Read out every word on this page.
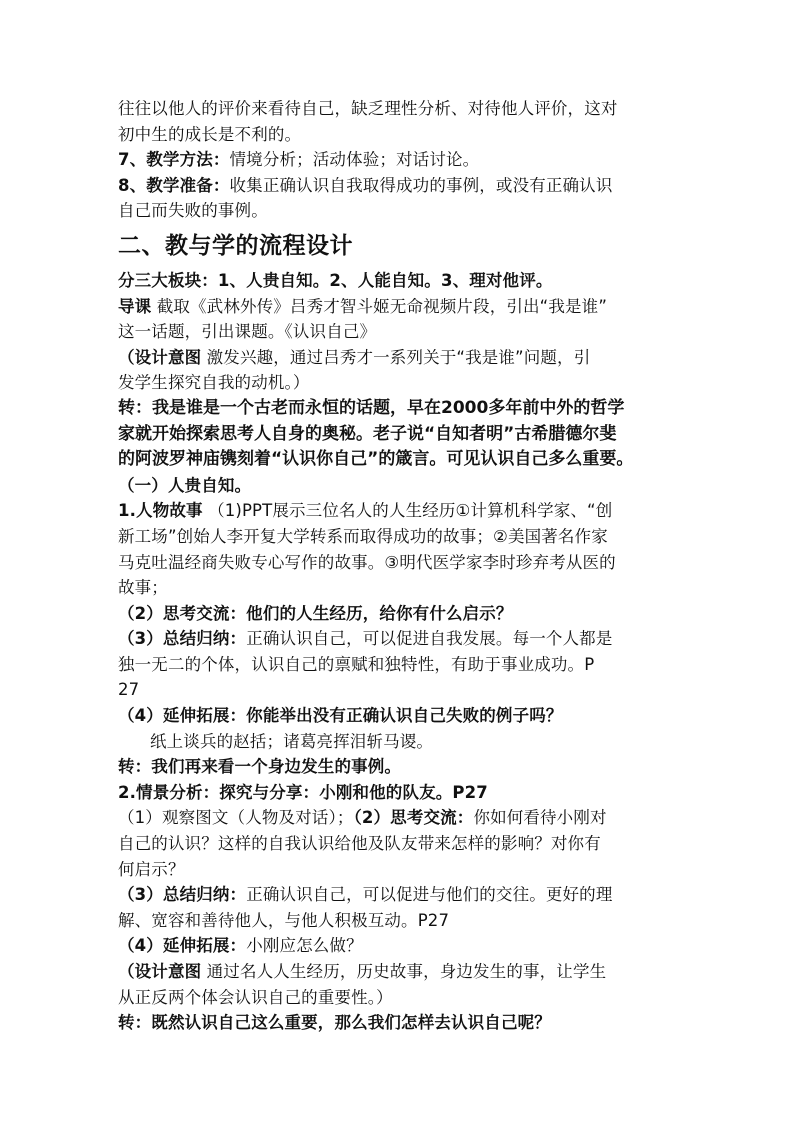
往往以他人的评价来看待自己，缺乏理性分析、对待他人评价，这对
初中生的成长是不利的。
7、教学方法：情境分析；活动体验；对话讨论。
8、教学准备：收集正确认识自我取得成功的事例，或没有正确认识
自己而失败的事例。
二、教与学的流程设计
分三大板块：1、人贵自知。2、人能自知。3、理对他评。
导课 截取《武林外传》吕秀才智斗姬无命视频片段，引出“我是谁”
这一话题，引出课题。《认识自己》
（设计意图 激发兴趣，通过吕秀才一系列关于“我是谁”问题，引
发学生探究自我的动机。）
转：我是谁是一个古老而永恒的话题，早在2000多年前中外的哲学
家就开始探索思考人自身的奥秘。老子说“自知者明”古希腊德尔斐
的阿波罗神庙镌刻着“认识你自己”的箴言。可见认识自己多么重要。
（一）人贵自知。
1.人物故事 （1)PPT展示三位名人的人生经历①计算机科学家、“创
新工场”创始人李开复大学转系而取得成功的故事；②美国著名作家
马克吐温经商失败专心写作的故事。③明代医学家李时珍弃考从医的
故事；
（2）思考交流：他们的人生经历，给你有什么启示？
（3）总结归纳：正确认识自己，可以促进自我发展。每一个人都是
独一无二的个体，认识自己的禀赋和独特性，有助于事业成功。P
27
（4）延伸拓展：你能举出没有正确认识自己失败的例子吗？
纸上谈兵的赵括；诸葛亮挥泪斩马谡。
转：我们再来看一个身边发生的事例。
2.情景分析：探究与分享：小刚和他的队友。P27
（1）观察图文（人物及对话）；（2）思考交流：你如何看待小刚对
自己的认识？这样的自我认识给他及队友带来怎样的影响？对你有
何启示？
（3）总结归纳：正确认识自己，可以促进与他们的交往。更好的理
解、宽容和善待他人，与他人积极互动。P27
（4）延伸拓展：小刚应怎么做？
（设计意图 通过名人人生经历，历史故事，身边发生的事，让学生
从正反两个体会认识自己的重要性。）
转：既然认识自己这么重要，那么我们怎样去认识自己呢？
